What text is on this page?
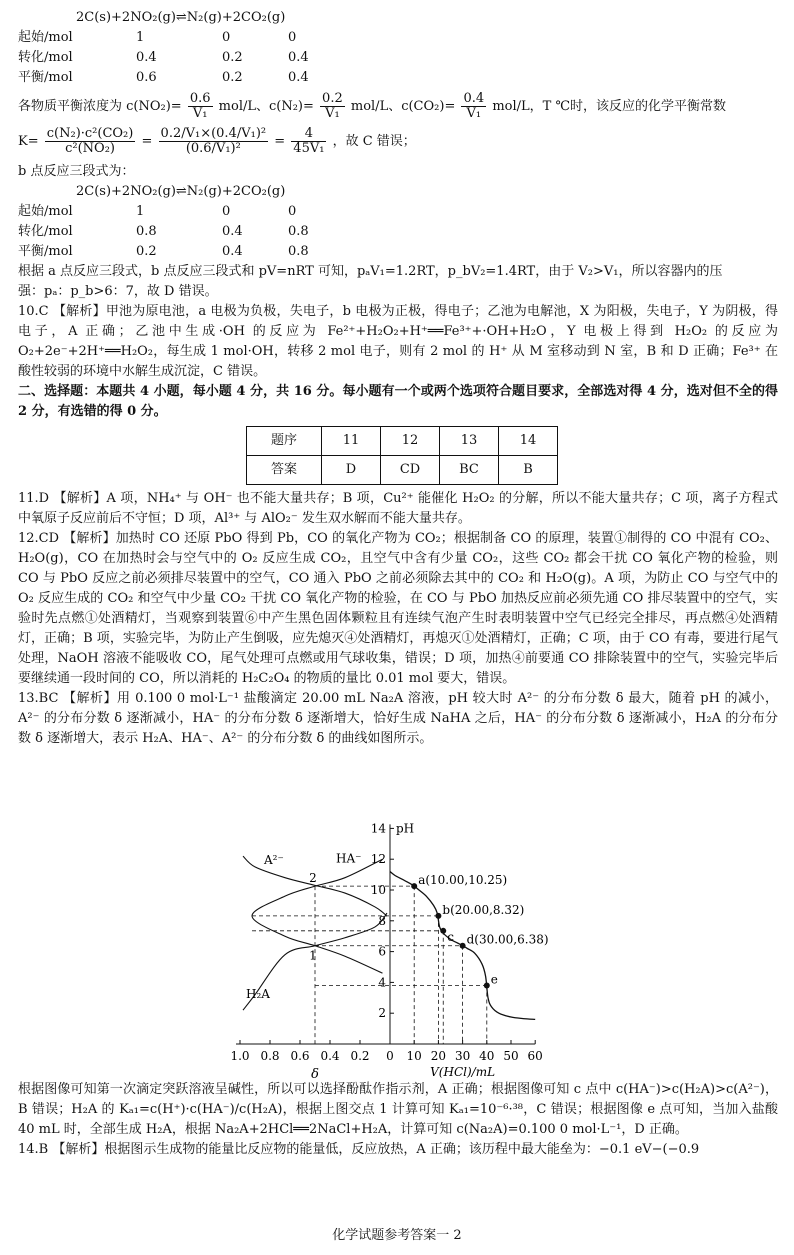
2C(s)+2NO₂(g)⇌N₂(g)+2CO₂(g)
起始/mol	1	0	0
转化/mol	0.4	0.2	0.4
平衡/mol	0.6	0.2	0.4
各物质平衡浓度为 $c(NO_2)= \frac{0.6}{\text{V₁}} mol/L$、$c(N_2)= \frac{0.2}{\text{V₁}} mol/L$、$c(CO_2)= \frac{0.4}{\text{V₁}} mol/L$，T ℃时，该反应的化学平衡常数
$K= \frac{\text{c(N₂)·c²(CO₂)}}{\text{c²(NO₂)}} = \frac{\text{0.2/V₁×(0.4/V₁)²}}{\text{(0.6/V₁)²}} = \frac{4}{\text{45V₁}}$ ，故 C 错误；
b 点反应三段式为：
2C(s)+2NO₂(g)⇌N₂(g)+2CO₂(g)
起始/mol	1	0	0
转化/mol	0.8	0.4	0.8
平衡/mol	0.2	0.4	0.8

根据 a 点反应三段式，b 点反应三段式和 pV=nRT 可知，pₐV₁=1.2RT，p_bV₂=1.4RT，由于 V₂>V₁，所以容器内的压

强：pₐ：p_b>6：7，故 D 错误。

10.C 【解析】甲池为原电池，a 电极为负极，失电子，b 电极为正极，得电子；乙池为电解池，X 为阳极，失电子，Y 为阴极，得电子，A 正确；乙池中生成·OH 的反应为 Fe²⁺+H₂O₂+H⁺══Fe³⁺+·OH+H₂O，Y 电极上得到 H₂O₂ 的反应为 O₂+2e⁻+2H⁺══H₂O₂，每生成 1 mol·OH，转移 2 mol 电子，则有 2 mol 的 H⁺ 从 M 室移动到 N 室，B 和 D 正确；Fe³⁺ 在酸性较弱的环境中水解生成沉淀，C 错误。

二、选择题：本题共 4 小题，每小题 4 分，共 16 分。每小题有一个或两个选项符合题目要求，全部选对得 4 分，选对但不全的得 2 分，有选错的得 0 分。

题序	11	12	13	14
答案	D	CD	BC	B

11.D 【解析】A 项，NH₄⁺ 与 OH⁻ 也不能大量共存；B 项，Cu²⁺ 能催化 H₂O₂ 的分解，所以不能大量共存；C 项，离子方程式中氧原子反应前后不守恒；D 项，Al³⁺ 与 AlO₂⁻ 发生双水解而不能大量共存。

12.CD 【解析】加热时 CO 还原 PbO 得到 Pb，CO 的氧化产物为 CO₂；根据制备 CO 的原理，装置①制得的 CO 中混有 CO₂、H₂O(g)，CO 在加热时会与空气中的 O₂ 反应生成 CO₂，且空气中含有少量 CO₂，这些 CO₂ 都会干扰 CO 氧化产物的检验，则 CO 与 PbO 反应之前必须排尽装置中的空气，CO 通入 PbO 之前必须除去其中的 CO₂ 和 H₂O(g)。A 项，为防止 CO 与空气中的 O₂ 反应生成的 CO₂ 和空气中少量 CO₂ 干扰 CO 氧化产物的检验，在 CO 与 PbO 加热反应前必须先通 CO 排尽装置中的空气，实验时先点燃①处酒精灯，当观察到装置⑥中产生黑色固体颗粒且有连续气泡产生时表明装置中空气已经完全排尽，再点燃④处酒精灯，正确；B 项，实验完毕，为防止产生倒吸，应先熄灭④处酒精灯，再熄灭①处酒精灯，正确；C 项，由于 CO 有毒，要进行尾气处理，NaOH 溶液不能吸收 CO，尾气处理可点燃或用气球收集，错误；D 项，加热④前要通 CO 排除装置中的空气，实验完毕后要继续通一段时间的 CO，所以消耗的 H₂C₂O₄ 的物质的量比 0.01 mol 要大，错误。

13.BC 【解析】用 0.100 0 mol·L⁻¹ 盐酸滴定 20.00 mL Na₂A 溶液，pH 较大时 A²⁻ 的分布分数 δ 最大，随着 pH 的减小，A²⁻ 的分布分数 δ 逐渐减小，HA⁻ 的分布分数 δ 逐渐增大，恰好生成 NaHA 之后，HA⁻ 的分布分数 δ 逐渐减小，H₂A 的分布分数 δ 逐渐增大，表示 H₂A、HA⁻、A²⁻ 的分布分数 δ 的曲线如图所示。

pH
2
4
6
8
10
12
14
10 20 30 40 50 60
1.0 0.8 0.6 0.4 0.2 0
V(HCl)/mL
δ
A²⁻	HA⁻
H₂A
1
2	a(10.00,10.25)
b(20.00,8.32)
c d(30.00,6.38)
e

根据图像可知第一次滴定突跃溶液呈碱性，所以可以选择酚酞作指示剂，A 正确；根据图像可知 c 点中 c(HA⁻)>c(H₂A)>c(A²⁻)，B 错误；H₂A 的 Kₐ₁=c(H⁺)·c(HA⁻)/c(H₂A)，根据上图交点 1 计算可知 Kₐ₁=10⁻⁶·³⁸，C 错误；根据图像 e 点可知，当加入盐酸 40 mL 时，全部生成 H₂A，根据 Na₂A+2HCl══2NaCl+H₂A，计算可知 c(Na₂A)=0.100 0 mol·L⁻¹，D 正确。

14.B 【解析】根据图示生成物的能量比反应物的能量低，反应放热，A 正确；该历程中最大能垒为：−0.1 eV−(−0.9

化学试题参考答案一 2
